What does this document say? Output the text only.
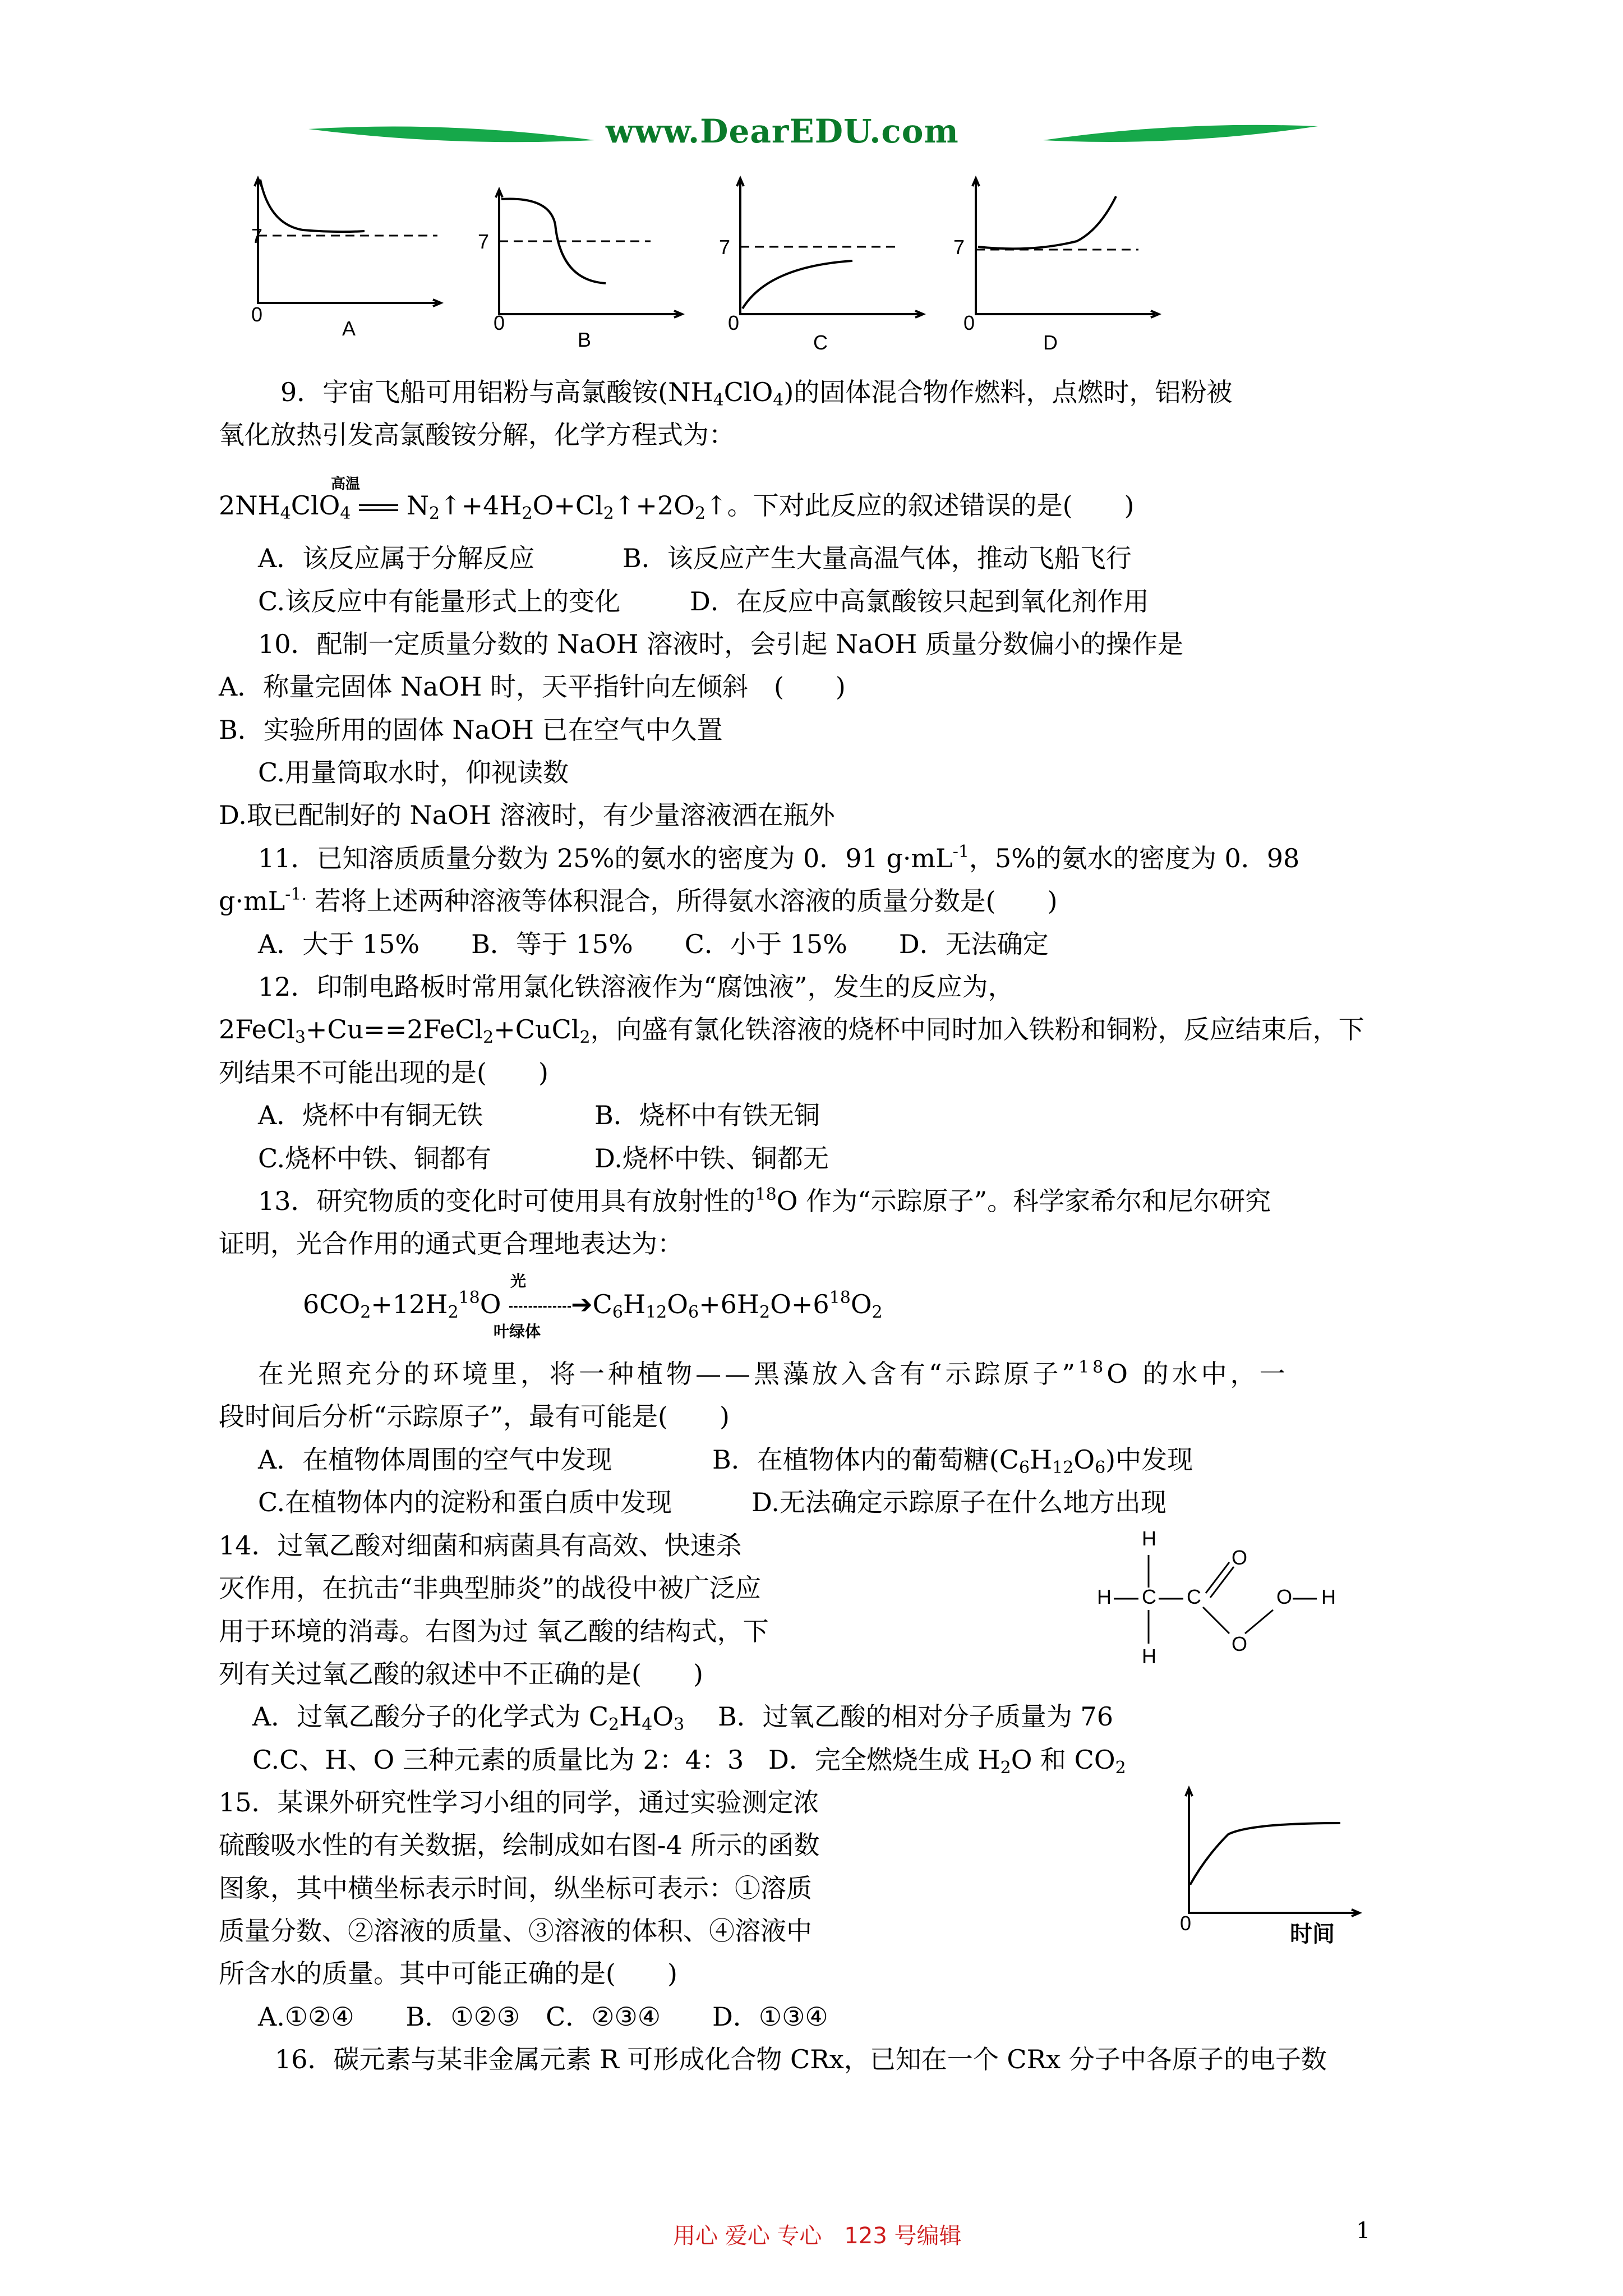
www.DearEDU.com
7
0
A
7
0
B
7
0
C
7
0
D
9．宇宙飞船可用铝粉与高氯酸铵$(NH_4ClO_4)$的固体混合物作燃料，点燃时，铝粉被
氧化放热引发高氯酸铵分解，化学方程式为：
高温
$2NH_4ClO_4$  $N_2↑+4H_2O+Cl_2↑+2O_2↑$。下对此反应的叙述错误的是(　　)
A．该反应属于分解反应	B．该反应产生大量高温气体，推动飞船飞行
C.该反应中有能量形式上的变化	D．在反应中高氯酸铵只起到氧化剂作用
10．配制一定质量分数的 NaOH 溶液时，会引起 NaOH 质量分数偏小的操作是
A．称量完固体 NaOH 时，天平指针向左倾斜　(　　)
B．实验所用的固体 NaOH 已在空气中久置
C.用量筒取水时，仰视读数
D.取已配制好的 NaOH 溶液时，有少量溶液洒在瓶外
11．已知溶质质量分数为 25%的氨水的密度为 0．91 $g\cdot mL^{-1}$，5%的氨水的密度为 0．98
$g\cdot mL^{-1.}$ 若将上述两种溶液等体积混合，所得氨水溶液的质量分数是(　　)
A．大于 15%　　B．等于 15%　　C．小于 15%　　D．无法确定
12．印制电路板时常用氯化铁溶液作为“腐蚀液”，发生的反应为，
2FeCl$_3$+Cu==2FeCl$_2$+CuCl$_2$，向盛有氯化铁溶液的烧杯中同时加入铁粉和铜粉，反应结束后，下
列结果不可能出现的是(　　)
A．烧杯中有铜无铁	B．烧杯中有铁无铜
C.烧杯中铁、铜都有	D.烧杯中铁、铜都无
13．研究物质的变化时可使用具有放射性的$^{18}$O 作为“示踪原子”。科学家希尔和尼尔研究
证明，光合作用的通式更合理地表达为：
光
叶绿体
$6CO_2+12H_2^{18}O$ $➔C_6H_{12}O_6+6H_2O+6^{18}O_2$
在光照充分的环境里，将一种植物——黑藻放入含有“示踪原子”$^{18}$O 的水中，一
段时间后分析“示踪原子”，最有可能是(　　)
A．在植物体周围的空气中发现	B．在植物体内的葡萄糖$(C_6H_{12}O_6)$中发现
C.在植物体内的淀粉和蛋白质中发现	D.无法确定示踪原子在什么地方出现
14．过氧乙酸对细菌和病菌具有高效、快速杀
灭作用，在抗击“非典型肺炎”的战役中被广泛应
用于环境的消毒。右图为过 氧乙酸的结构式，下
列有关过氧乙酸的叙述中不正确的是(　　)
A．过氧乙酸分子的化学式为 $C_2H_4O_3$ B．过氧乙酸的相对分子质量为 76
C.C、H、O 三种元素的质量比为 2：4：3 D．完全燃烧生成 $H_2O$ 和 $CO_2$
H
H C
H
C
O
O
O H
15．某课外研究性学习小组的同学，通过实验测定浓
硫酸吸水性的有关数据，绘制成如右图-4 所示的函数
图象，其中横坐标表示时间，纵坐标可表示：①溶质
质量分数、②溶液的质量、③溶液的体积、④溶液中
所含水的质量。其中可能正确的是(　　)
A.①②④　　B．①②③　C．②③④　　D．①③④
0	时间
16．碳元素与某非金属元素 R 可形成化合物 CRx，已知在一个 CRx 分子中各原子的电子数
用心 爱心 专心　123 号编辑	1
